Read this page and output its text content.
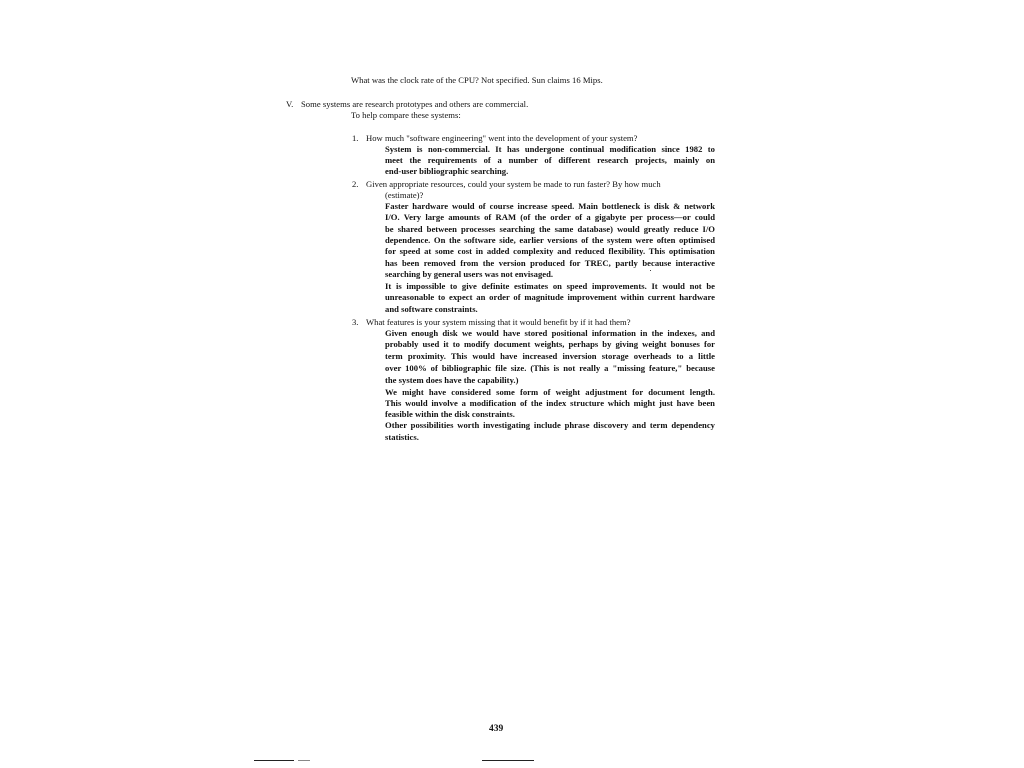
What was the clock rate of the CPU? Not specified. Sun claims 16 Mips.
V. Some systems are research prototypes and others are commercial.
To help compare these systems:
1. How much "software engineering" went into the development of your system?
System is non-commercial. It has undergone continual modification since 1982 to
meet the requirements of a number of different research projects, mainly on
end-user bibliographic searching.
2. Given appropriate resources, could your system be made to run faster? By how much
(estimate)?
Faster hardware would of course increase speed. Main bottleneck is disk & network
I/O. Very large amounts of RAM (of the order of a gigabyte per process—or could
be shared between processes searching the same database) would greatly reduce I/O
dependence. On the software side, earlier versions of the system were often optimised
for speed at some cost in added complexity and reduced flexibility. This optimisation
has been removed from the version produced for TREC, partly because interactive
searching by general users was not envisaged.
It is impossible to give definite estimates on speed improvements. It would not be
unreasonable to expect an order of magnitude improvement within current hardware
and software constraints.
3. What features is your system missing that it would benefit by if it had them?
Given enough disk we would have stored positional information in the indexes, and
probably used it to modify document weights, perhaps by giving weight bonuses for
term proximity. This would have increased inversion storage overheads to a little
over 100% of bibliographic file size. (This is not really a "missing feature," because
the system does have the capability.)
We might have considered some form of weight adjustment for document length.
This would involve a modification of the index structure which might just have been
feasible within the disk constraints.
Other possibilities worth investigating include phrase discovery and term dependency
statistics.
439
